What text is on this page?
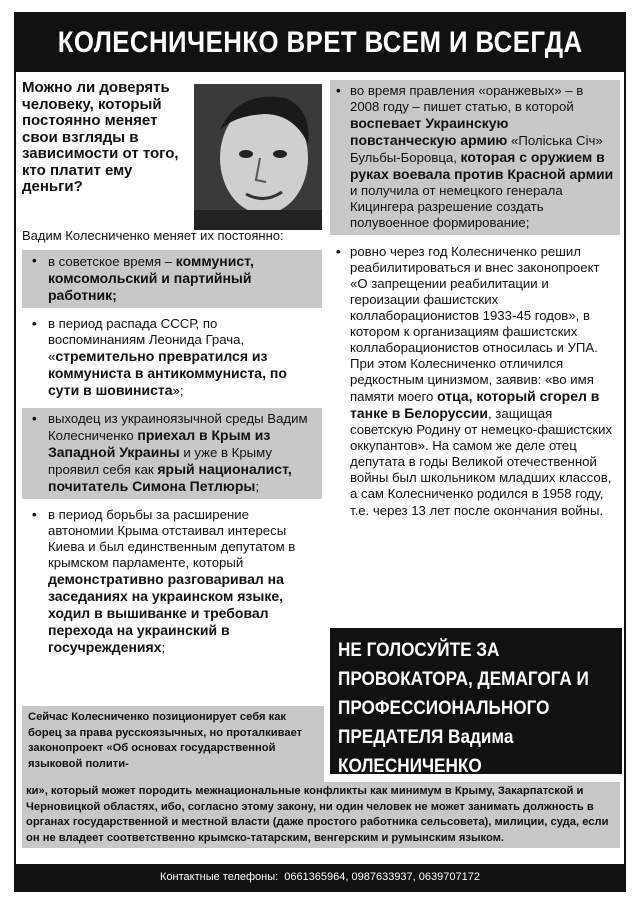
КОЛЕСНИЧЕНКО ВРЕТ ВСЕМ И ВСЕГДА

Можно ли доверять человеку, который постоянно меняет свои взгляды в зависимости от того, кто платит ему деньги?

Вадим Колесниченко меняет их постоянно:

• в советское время – коммунист, комсомольский и партийный работник;
• в период распада СССР, по воспоминаниям Леонида Грача, «стремительно превратился из коммуниста в антикоммуниста, по сути в шовиниста»;
• выходец из украиноязычной среды Вадим Колесниченко приехал в Крым из Западной Украины и уже в Крыму проявил себя как ярый националист, почитатель Симона Петлюры;
• в период борьбы за расширение автономии Крыма отстаивал интересы Киева и был единственным депутатом в крымском парламенте, который демонстративно разговаривал на заседаниях на украинском языке, ходил в вышиванке и требовал перехода на украинский в госучреждениях;
• во время правления «оранжевых» – в 2008 году – пишет статью, в которой воспевает Украинскую повстанческую армию «Поліська Січ» Бульбы-Боровца, которая с оружием в руках воевала против Красной армии и получила от немецкого генерала Кицингера разрешение создать полувоенное формирование;
• ровно через год Колесниченко решил реабилитироваться и внес законопроект «О запрещении реабилитации и героизации фашистских коллаборационистов 1933-45 годов», в котором к организациям фашистских коллаборационистов относилась и УПА. При этом Колесниченко отличился редкостным цинизмом, заявив: «во имя памяти моего отца, который сгорел в танке в Белоруссии, защищая советскую Родину от немецко-фашистских оккупантов». На самом же деле отец депутата в годы Великой отечественной войны был школьником младших классов, а сам Колесниченко родился в 1958 году, т.е. через 13 лет после окончания войны.

НЕ ГОЛОСУЙТЕ ЗА ПРОВОКАТОРА, ДЕМАГОГА И ПРОФЕССИОНАЛЬНОГО ПРЕДАТЕЛЯ Вадима КОЛЕСНИЧЕНКО

Сейчас Колесниченко позиционирует себя как борец за права русскоязычных, но проталкивает законопроект «Об основах государственной языковой полити-

ки», который может породить межнациональные конфликты как минимум в Крыму, Закарпатской и Черновицкой областях, ибо, согласно этому закону, ни один человек не может занимать должность в органах государственной и местной власти (даже простого работника сельсовета), милиции, суда, если он не владеет соответственно крымско-татарским, венгерским и румынским языком.

Контактные телефоны: 0661365964, 0987633937, 0639707172
